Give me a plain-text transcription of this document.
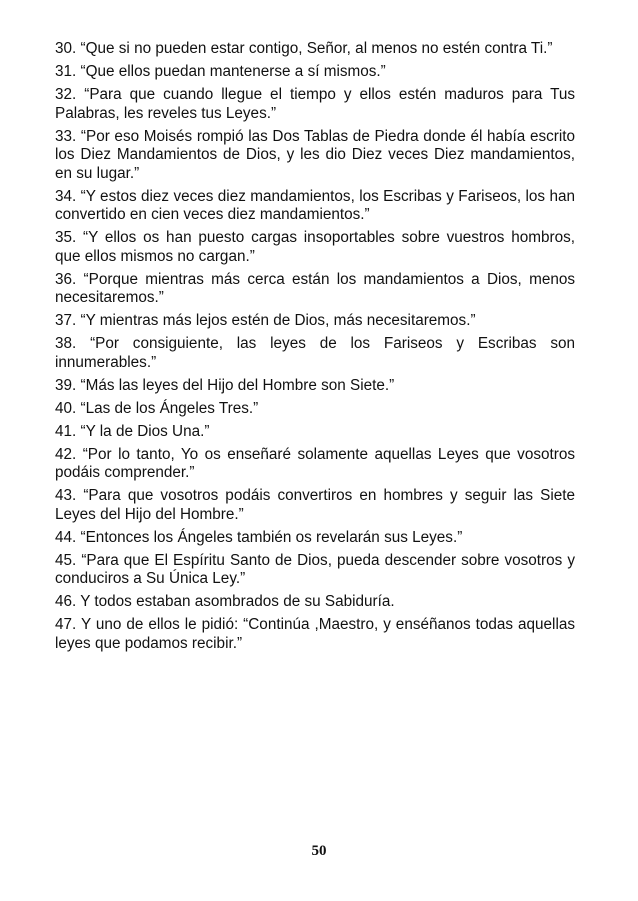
30. “Que si no pueden estar contigo, Señor, al menos no estén contra Ti.”

31. “Que ellos puedan mantenerse a sí mismos.”

32. “Para que cuando llegue el tiempo y ellos estén maduros para Tus Palabras, les reveles tus Leyes.”

33. “Por eso Moisés rompió las Dos Tablas de Piedra donde él había escrito los Diez Mandamientos de Dios, y les dio Diez veces Diez mandamientos, en su lugar.”

34. “Y estos diez veces diez mandamientos, los Escribas y Fariseos, los han convertido en cien veces diez mandamientos.”

35. “Y ellos os han puesto cargas insoportables sobre vuestros hombros, que ellos mismos no cargan.”

36. “Porque mientras más cerca están los mandamientos a Dios, menos necesitaremos.”

37. “Y mientras más lejos estén de Dios, más necesitaremos.”

38. “Por consiguiente, las leyes de los Fariseos y Escribas son innumerables.”

39. “Más las leyes del Hijo del Hombre son Siete.”

40. “Las de los Ángeles Tres.”

41. “Y la de Dios Una.”

42. “Por lo tanto, Yo os enseñaré solamente aquellas Leyes que vosotros podáis comprender.”

43. “Para que vosotros podáis convertiros en hombres y seguir las Siete Leyes del Hijo del Hombre.”

44. “Entonces los Ángeles también os revelarán sus Leyes.”

45. “Para que El Espíritu Santo de Dios, pueda descender sobre vosotros y conduciros a Su Única Ley.”

46. Y todos estaban asombrados de su Sabiduría.

47. Y uno de ellos le pidió: “Continúa ,Maestro, y enséñanos todas aquellas leyes que podamos recibir.”

50
